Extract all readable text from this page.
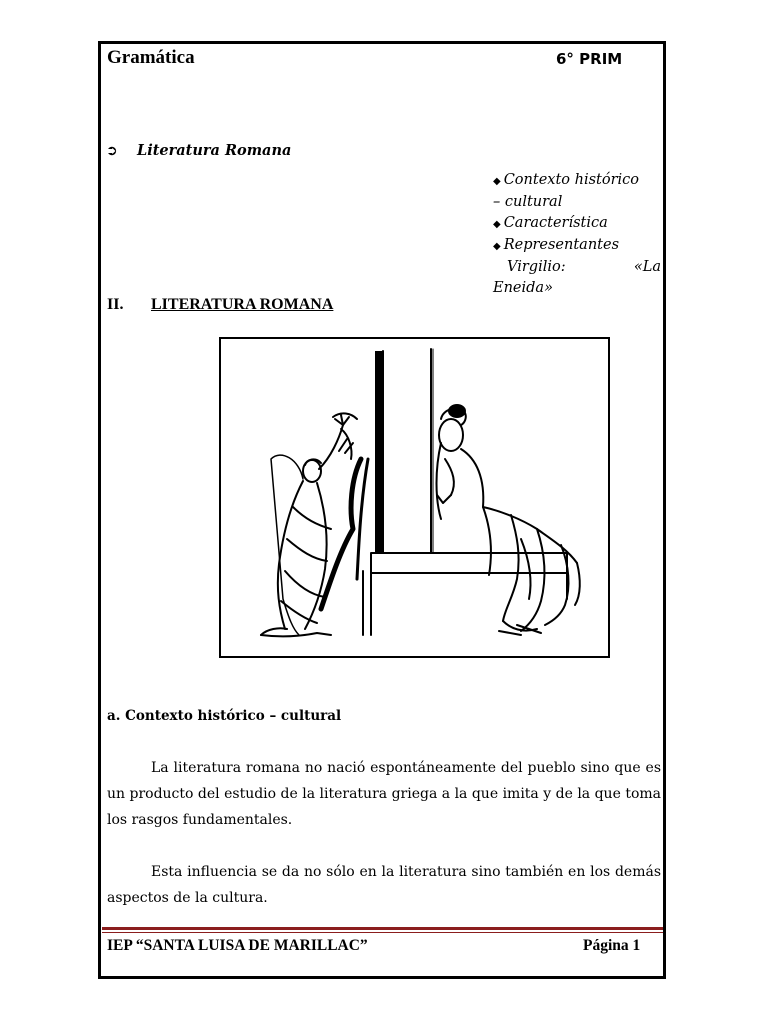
Gramática	6° PRIM
➲	Literatura Romana
◆ Contexto histórico
– cultural
◆ Característica
◆ Representantes
Virgilio: «La
Eneida»
II. LITERATURA ROMANA
a. Contexto histórico – cultural
La literatura romana no nació espontáneamente del pueblo sino que es un producto del estudio de la literatura griega a la que imita y de la que toma los rasgos fundamentales.
Esta influencia se da no sólo en la literatura sino también en los demás aspectos de la cultura.
IEP “SANTA LUISA DE MARILLAC”	Página 1
